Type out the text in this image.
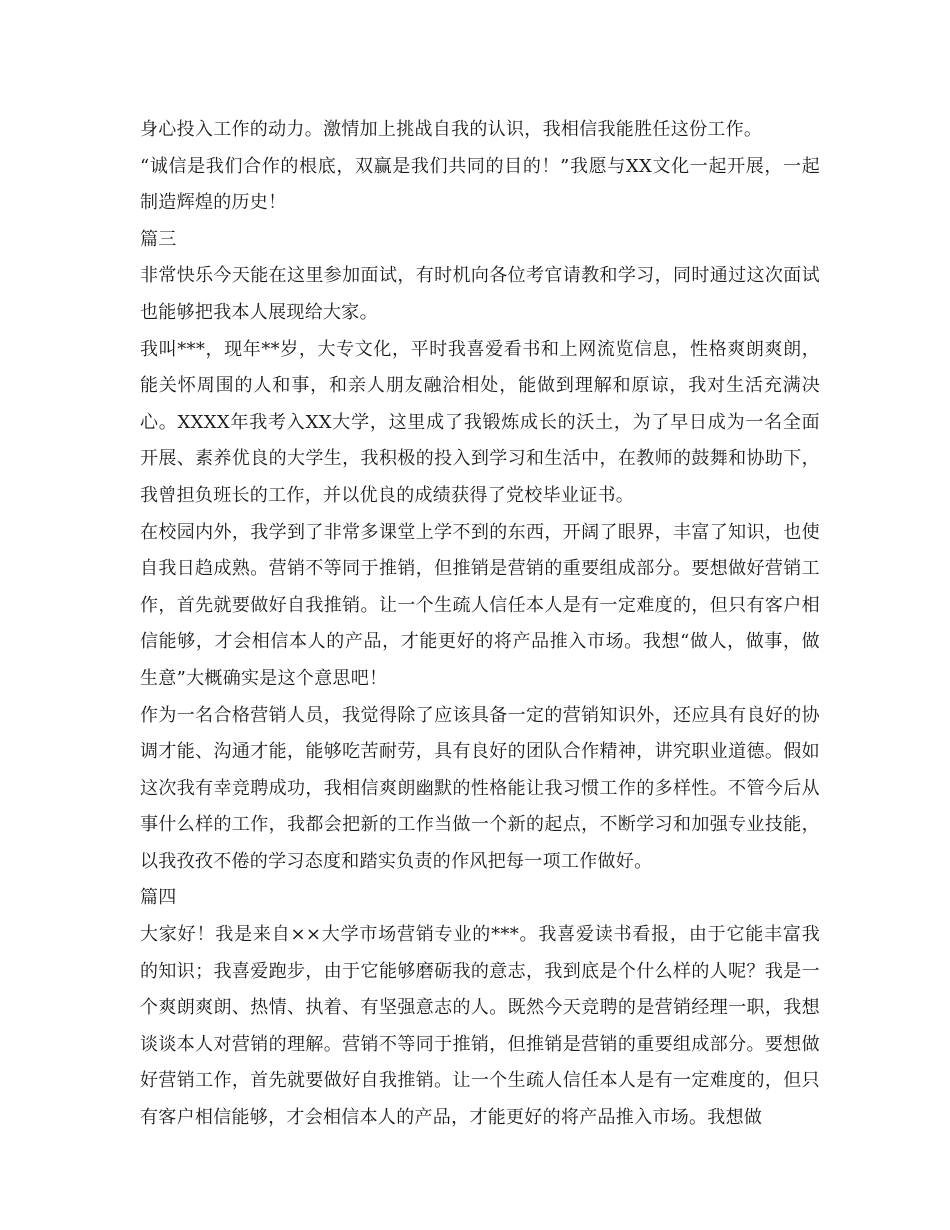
身心投入工作的动力。激情加上挑战自我的认识，我相信我能胜任这份工作。

“诚信是我们合作的根底，双赢是我们共同的目的！”我愿与XX文化一起开展，一起制造辉煌的历史！

篇三

非常快乐今天能在这里参加面试，有时机向各位考官请教和学习，同时通过这次面试也能够把我本人展现给大家。

我叫***，现年**岁，大专文化，平时我喜爱看书和上网流览信息，性格爽朗爽朗，能关怀周围的人和事，和亲人朋友融洽相处，能做到理解和原谅，我对生活充满决心。XXXX年我考入XX大学，这里成了我锻炼成长的沃土，为了早日成为一名全面开展、素养优良的大学生，我积极的投入到学习和生活中，在教师的鼓舞和协助下，我曾担负班长的工作，并以优良的成绩获得了党校毕业证书。

在校园内外，我学到了非常多课堂上学不到的东西，开阔了眼界，丰富了知识，也使自我日趋成熟。营销不等同于推销，但推销是营销的重要组成部分。要想做好营销工作，首先就要做好自我推销。让一个生疏人信任本人是有一定难度的，但只有客户相信能够，才会相信本人的产品，才能更好的将产品推入市场。我想“做人，做事，做生意”大概确实是这个意思吧！

作为一名合格营销人员，我觉得除了应该具备一定的营销知识外，还应具有良好的协调才能、沟通才能，能够吃苦耐劳，具有良好的团队合作精神，讲究职业道德。假如这次我有幸竞聘成功，我相信爽朗幽默的性格能让我习惯工作的多样性。不管今后从事什么样的工作，我都会把新的工作当做一个新的起点，不断学习和加强专业技能，以我孜孜不倦的学习态度和踏实负责的作风把每一项工作做好。

篇四

大家好！我是来自××大学市场营销专业的***。我喜爱读书看报，由于它能丰富我的知识；我喜爱跑步，由于它能够磨砺我的意志，我到底是个什么样的人呢？我是一个爽朗爽朗、热情、执着、有坚强意志的人。既然今天竞聘的是营销经理一职，我想谈谈本人对营销的理解。营销不等同于推销，但推销是营销的重要组成部分。要想做好营销工作，首先就要做好自我推销。让一个生疏人信任本人是有一定难度的，但只有客户相信能够，才会相信本人的产品，才能更好的将产品推入市场。我想做
